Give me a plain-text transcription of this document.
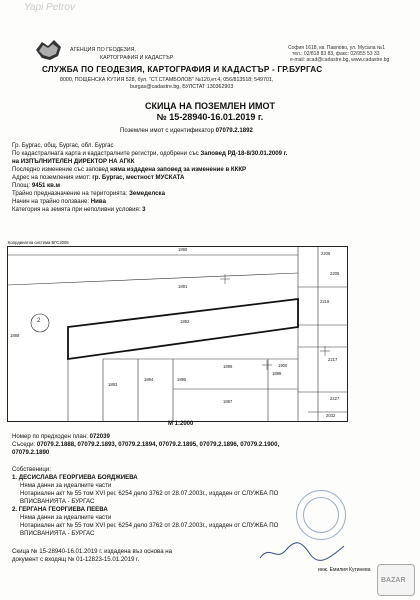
Yapi Petrov
АГЕНЦИЯ ПО ГЕОДЕЗИЯ,
КАРТОГРАФИЯ И КАДАСТЪР
София 1618, кв. Павлово, ул. Мусала №1
тел.: 02/818 83 83, факс: 02/955 53 33
e-mail: acad@cadastre.bg, www.cadastre.bg
СЛУЖБА ПО ГЕОДЕЗИЯ, КАРТОГРАФИЯ И КАДАСТЪР - ГР.БУРГАС
8000, ПОЩЕНСКА КУТИЯ 528, бул. "СТ.СТАМБОЛОВ" №120,ет.4, 056/813518; 549701,
burgas@cadastre.bg, БУЛСТАТ 130362903
СКИЦА НА ПОЗЕМЛЕН ИМОТ
№ 15-28940-16.01.2019 г.
Поземлен имот с идентификатор 07079.2.1892
Гр. Бургас, общ. Бургас, обл. Бургас
По кадастралната карта и кадастралните регистри, одобрени със Заповед РД-18-8/30.01.2009 г.
на ИЗПЪЛНИТЕЛЕН ДИРЕКТОР НА АГКК
Последно изменение със заповед няма издадена заповед за изменение в КККР
Адрес на поземления имот: гр. Бургас, местност МУСКАТА
Площ: 9451 кв.м
Трайно предназначение на територията: Земеделска
Начин на трайно ползване: Нива
Категория на земята при неполивни условия: 3
Координатна система БГС2005
1890
1891
1892
1893
1894	1895
1896
1897
1898
1900
2206
2205
2218
2217
2227
2032
1888
2
М 1:2000
Номер по предходен план: 072039
Съседи: 07079.2.1888, 07079.2.1893, 07079.2.1894, 07079.2.1895, 07079.2.1896, 07079.2.1900,
07079.2.1890
Собственици:
1. ДЕСИСЛАВА ГЕОРГИЕВА БОЯДЖИЕВА
Няма данни за идеалните части
Нотариален акт № 55 том XVI рег. 6254 дело 3762 от 28.07.2003г., издаден от СЛУЖБА ПО
ВПИСВАНИЯТА - БУРГАС
2. ГЕРГАНА ГЕОРГИЕВА ПЕЕВА
Няма данни за идеалните части
Нотариален акт № 55 том XVI рег. 6254 дело 3762 от 28.07.2003г., издаден от СЛУЖБА ПО
ВПИСВАНИЯТА - БУРГАС
Скица № 15-28940-16.01.2019 г. издадена въз основа на
документ с входящ № 01-12823-15.01.2019 г.
инж. Емилия Кутинева
BAZAR
